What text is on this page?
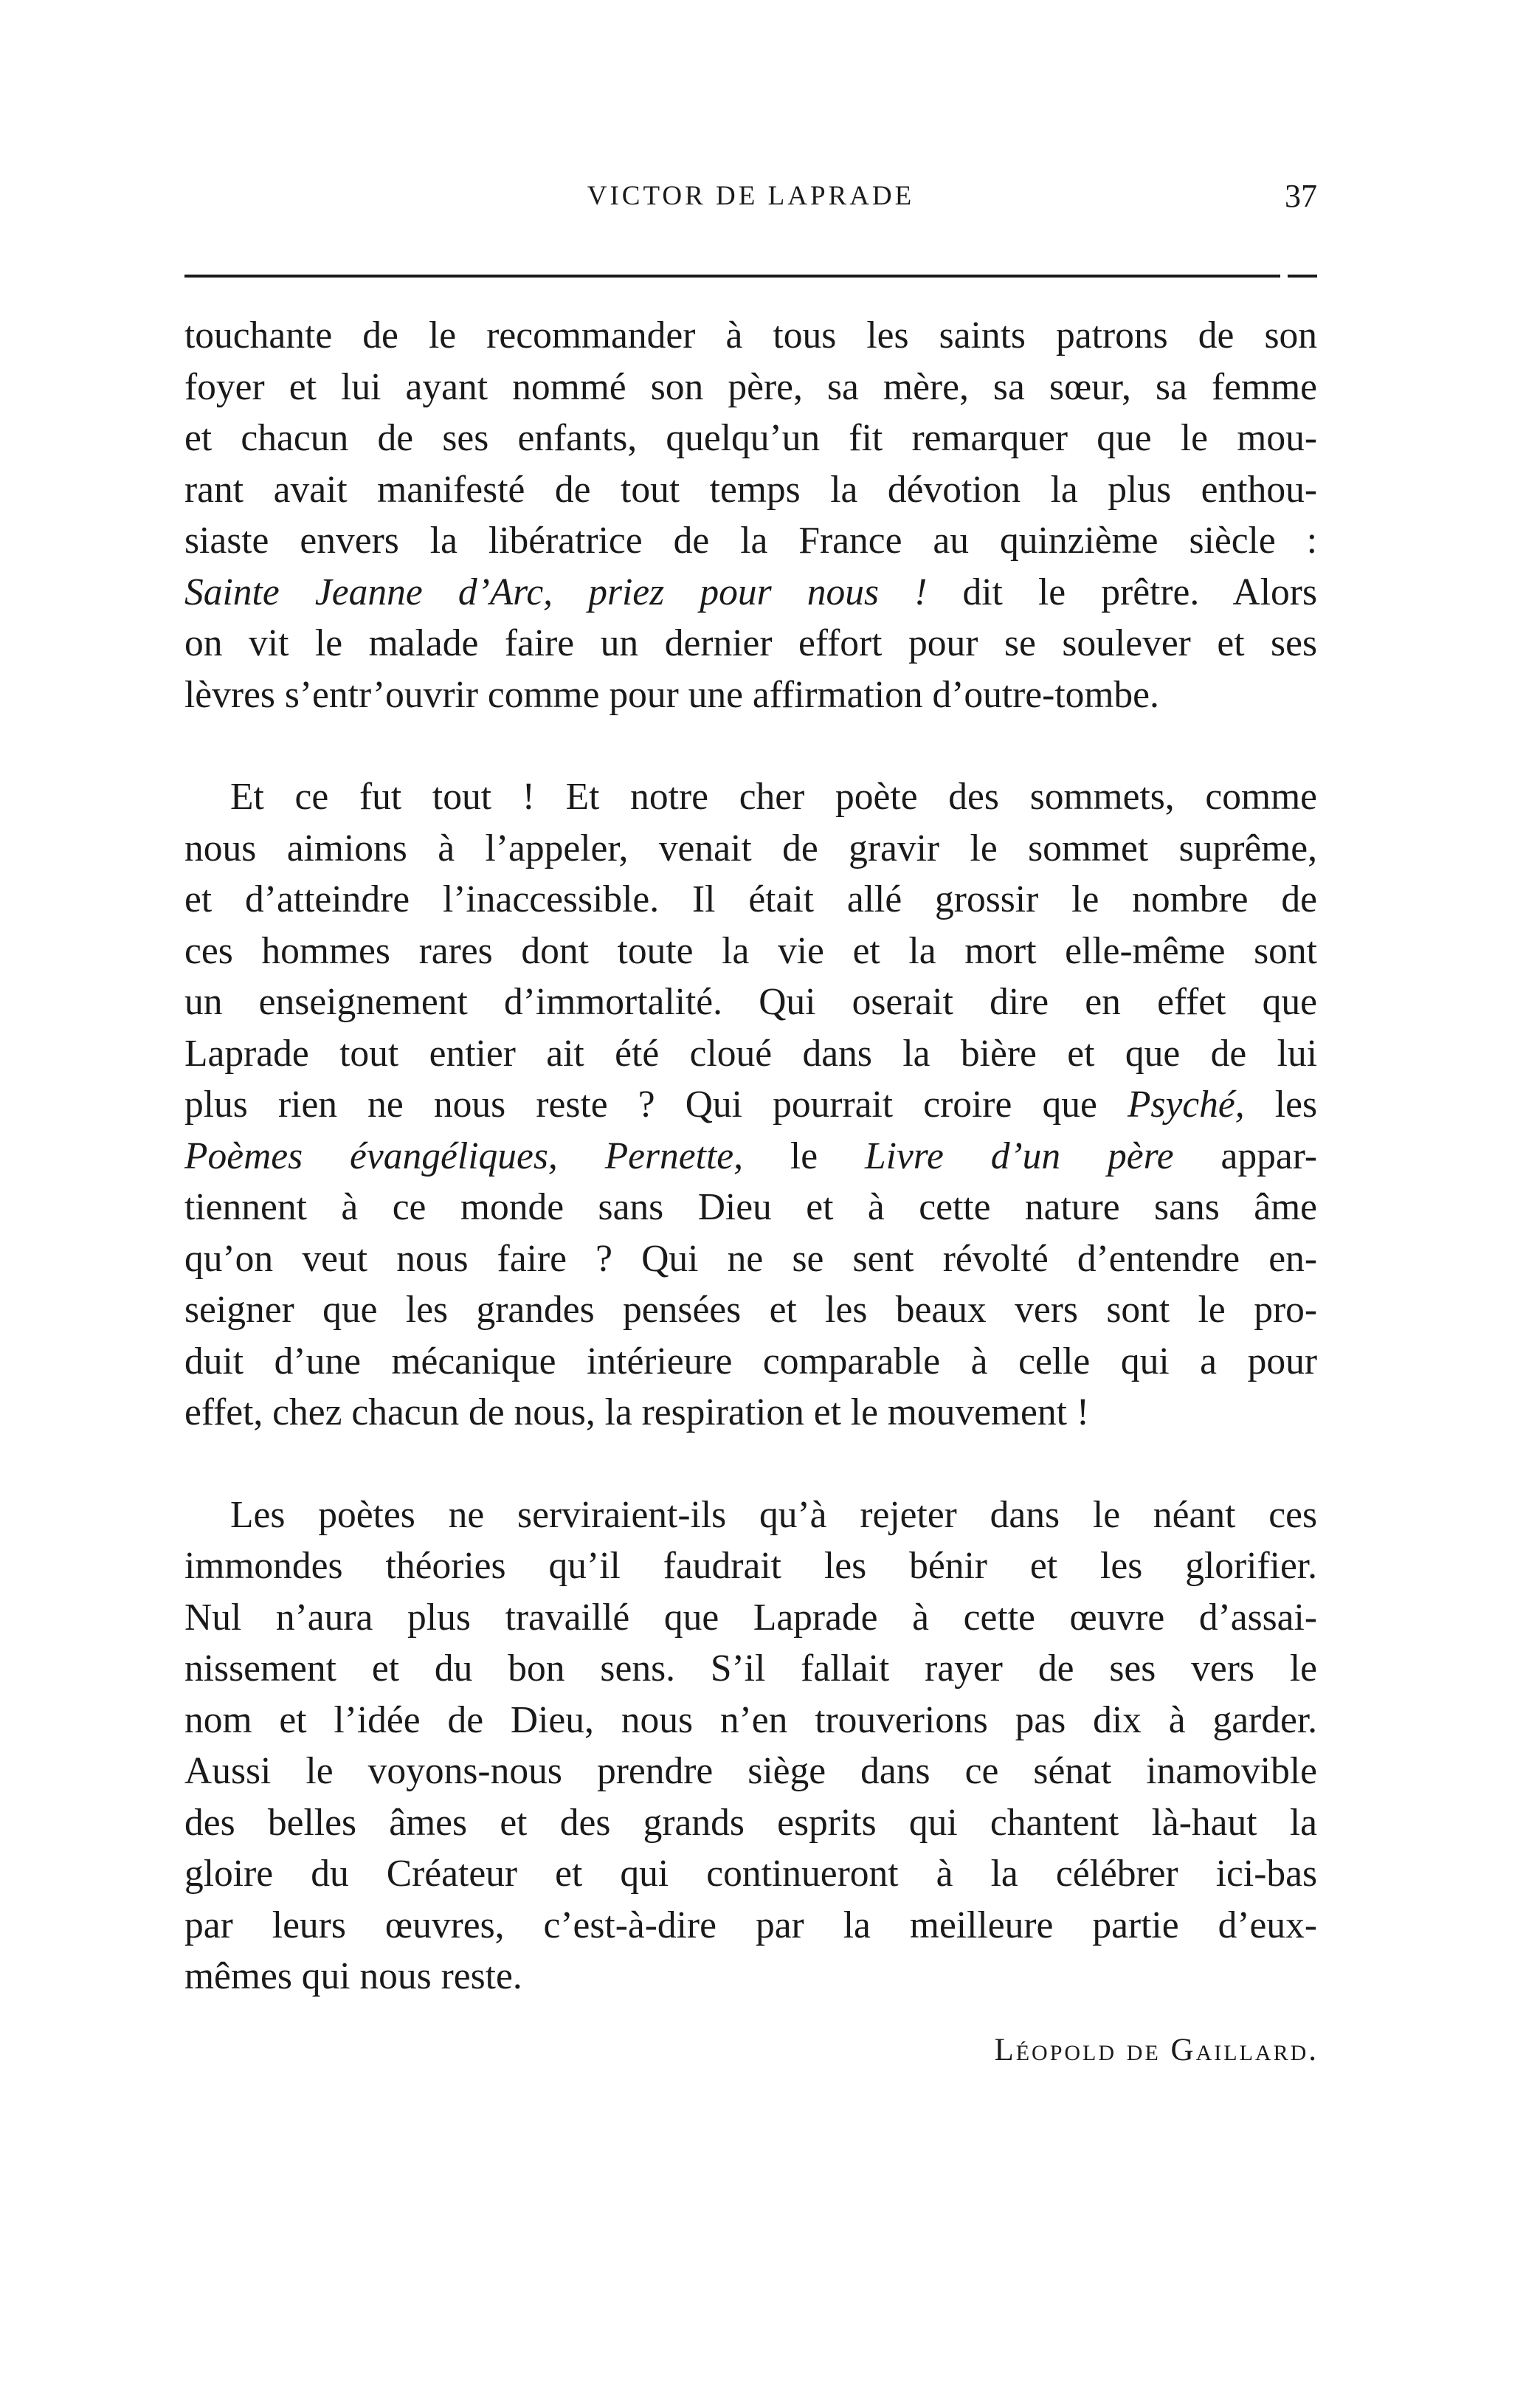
VICTOR DE LAPRADE	37

touchante de le recommander à tous les saints patrons de son
foyer et lui ayant nommé son père, sa mère, sa sœur, sa femme
et chacun de ses enfants, quelqu’un fit remarquer que le mou-
rant avait manifesté de tout temps la dévotion la plus enthou-
siaste envers la libératrice de la France au quinzième siècle :
Sainte Jeanne d’Arc, priez pour nous ! dit le prêtre. Alors
on vit le malade faire un dernier effort pour se soulever et ses
lèvres s’entr’ouvrir comme pour une affirmation d’outre-tombe.

Et ce fut tout ! Et notre cher poète des sommets, comme
nous aimions à l’appeler, venait de gravir le sommet suprême,
et d’atteindre l’inaccessible. Il était allé grossir le nombre de
ces hommes rares dont toute la vie et la mort elle-même sont
un enseignement d’immortalité. Qui oserait dire en effet que
Laprade tout entier ait été cloué dans la bière et que de lui
plus rien ne nous reste ? Qui pourrait croire que Psyché, les
Poèmes évangéliques, Pernette, le Livre d’un père appar-
tiennent à ce monde sans Dieu et à cette nature sans âme
qu’on veut nous faire ? Qui ne se sent révolté d’entendre en-
seigner que les grandes pensées et les beaux vers sont le pro-
duit d’une mécanique intérieure comparable à celle qui a pour
effet, chez chacun de nous, la respiration et le mouvement !

Les poètes ne serviraient-ils qu’à rejeter dans le néant ces
immondes théories qu’il faudrait les bénir et les glorifier.
Nul n’aura plus travaillé que Laprade à cette œuvre d’assai-
nissement et du bon sens. S’il fallait rayer de ses vers le
nom et l’idée de Dieu, nous n’en trouverions pas dix à garder.
Aussi le voyons-nous prendre siège dans ce sénat inamovible
des belles âmes et des grands esprits qui chantent là-haut la
gloire du Créateur et qui continueront à la célébrer ici-bas
par leurs œuvres, c’est-à-dire par la meilleure partie d’eux-
mêmes qui nous reste.

Léopold de Gaillard.
